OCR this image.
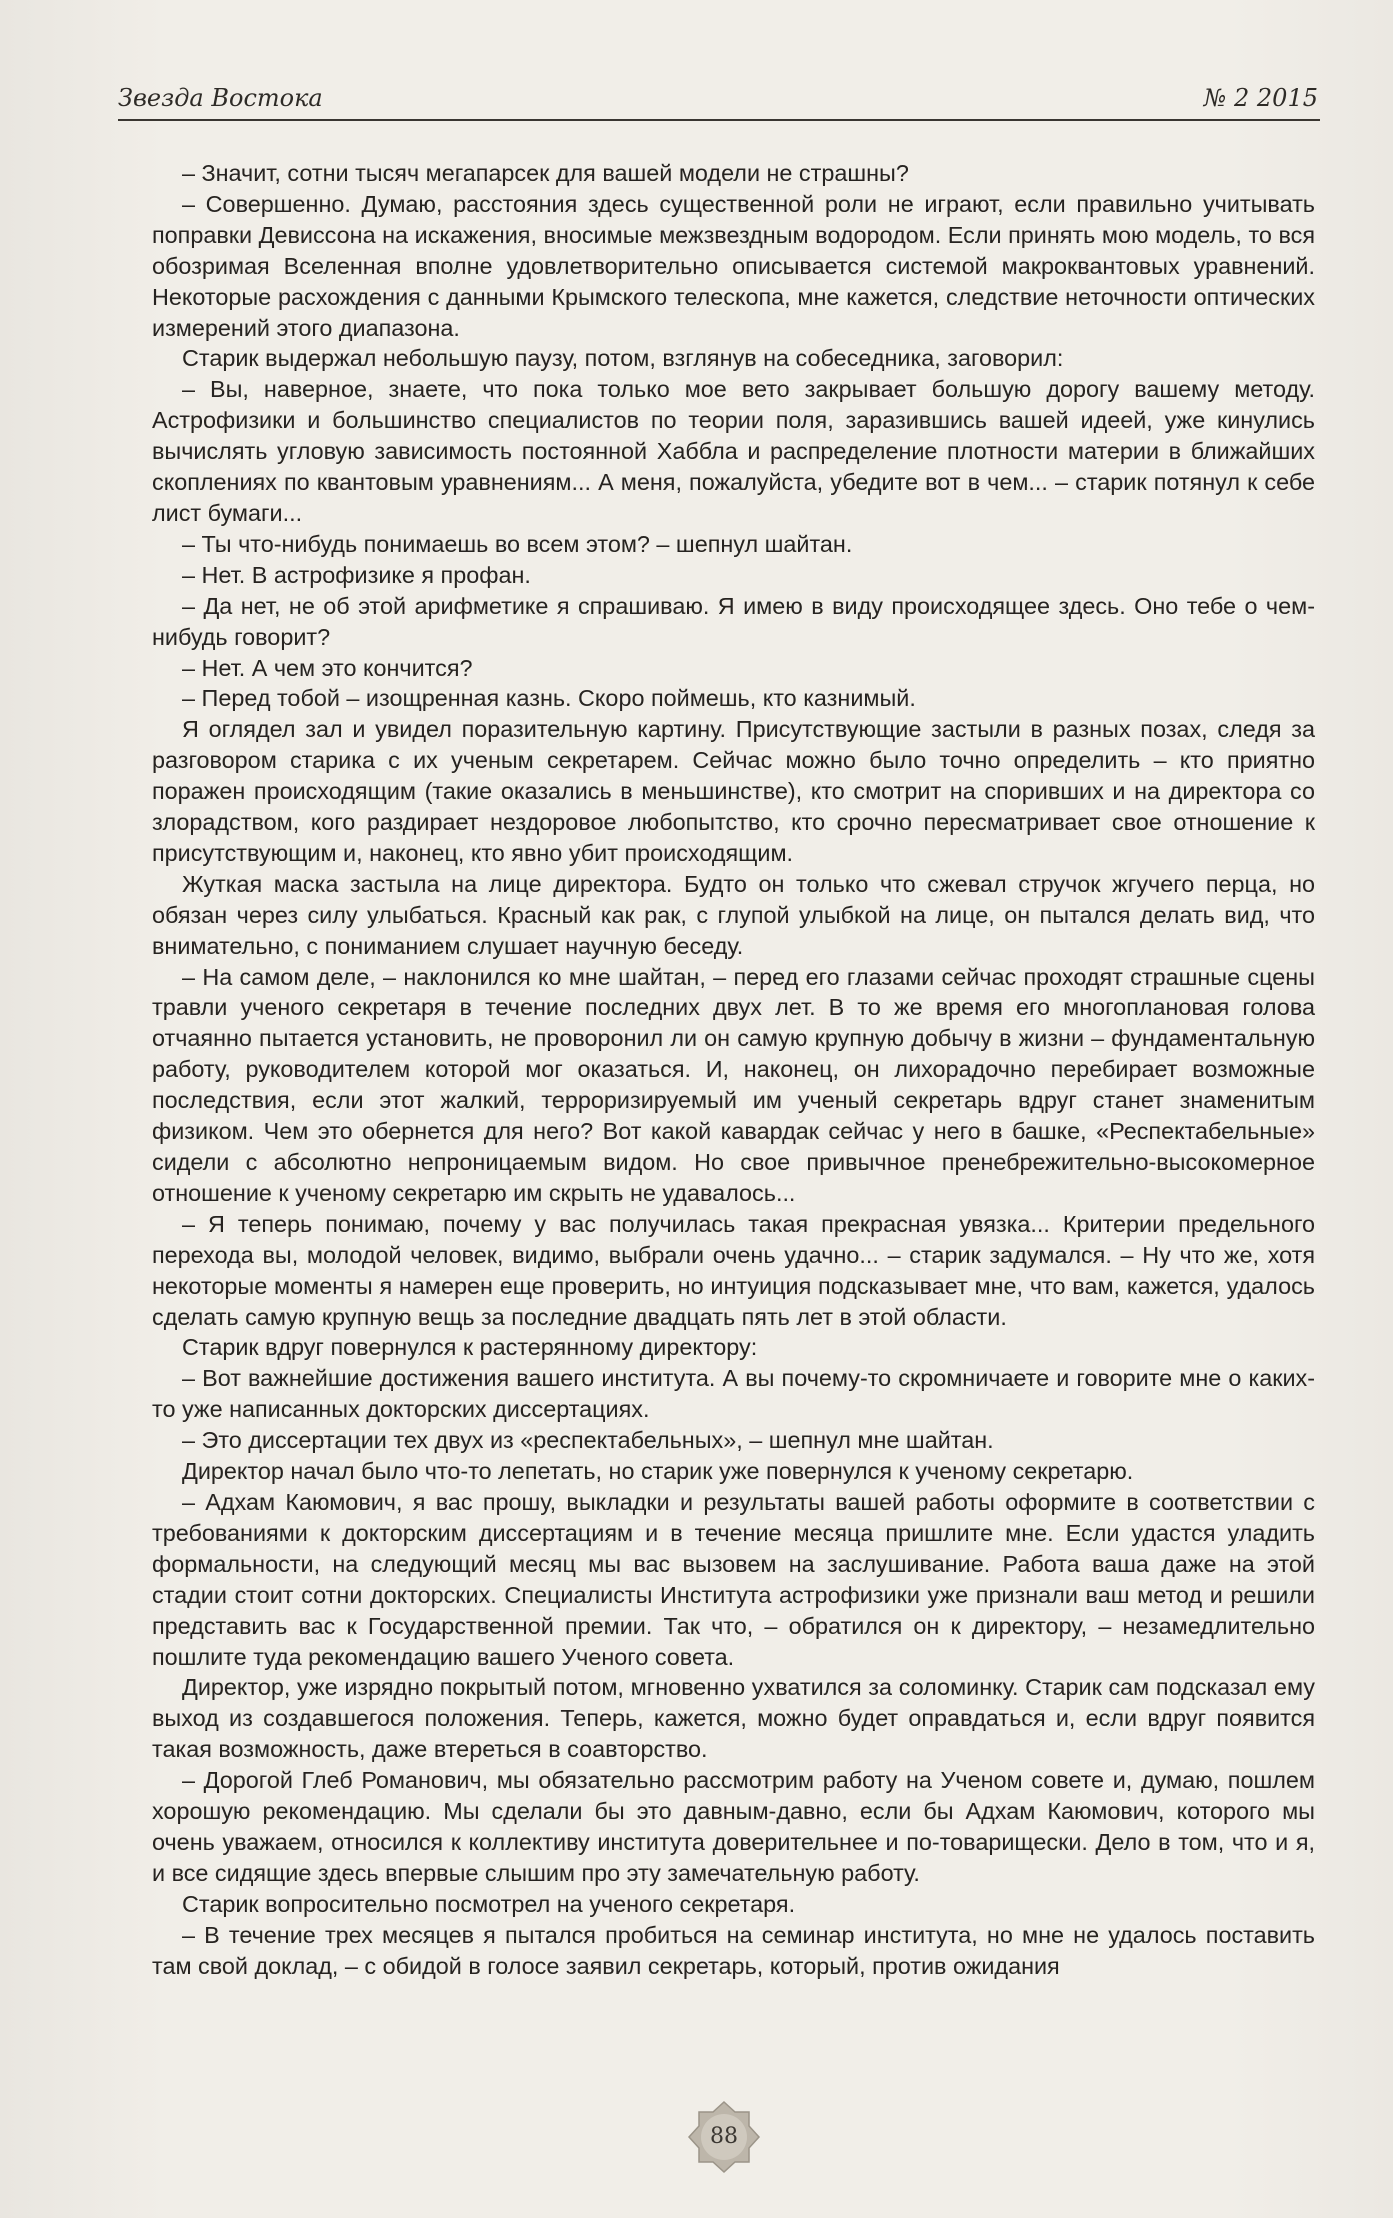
Звезда Востока	№ 2 2015

– Значит, сотни тысяч мегапарсек для вашей модели не страшны?

– Совершенно. Думаю, расстояния здесь существенной роли не играют, если правильно учитывать поправки Девиссона на искажения, вносимые межзвездным водородом. Если принять мою модель, то вся обозримая Вселенная вполне удовлетворительно описывается системой макроквантовых уравнений. Некоторые расхождения с данными Крымского телескопа, мне кажется, следствие неточности оптических измерений этого диапазона.

Старик выдержал небольшую паузу, потом, взглянув на собеседника, заговорил:

– Вы, наверное, знаете, что пока только мое вето закрывает большую дорогу вашему методу. Астрофизики и большинство специалистов по теории поля, заразившись вашей идеей, уже кинулись вычислять угловую зависимость постоянной Хаббла и распределение плотности материи в ближайших скоплениях по квантовым уравнениям... А меня, пожалуйста, убедите вот в чем... – старик потянул к себе лист бумаги...

– Ты что-нибудь понимаешь во всем этом? – шепнул шайтан.

– Нет. В астрофизике я профан.

– Да нет, не об этой арифметике я спрашиваю. Я имею в виду происходящее здесь. Оно тебе о чем-нибудь говорит?

– Нет. А чем это кончится?

– Перед тобой – изощренная казнь. Скоро поймешь, кто казнимый.

Я оглядел зал и увидел поразительную картину. Присутствующие застыли в разных позах, следя за разговором старика с их ученым секретарем. Сейчас можно было точно определить – кто приятно поражен происходящим (такие оказались в меньшинстве), кто смотрит на споривших и на директора со злорадством, кого раздирает нездоровое любопытство, кто срочно пересматривает свое отношение к присутствующим и, наконец, кто явно убит происходящим.

Жуткая маска застыла на лице директора. Будто он только что сжевал стручок жгучего перца, но обязан через силу улыбаться. Красный как рак, с глупой улыбкой на лице, он пытался делать вид, что внимательно, с пониманием слушает научную беседу.

– На самом деле, – наклонился ко мне шайтан, – перед его глазами сейчас проходят страшные сцены травли ученого секретаря в течение последних двух лет. В то же время его многоплановая голова отчаянно пытается установить, не проворонил ли он самую крупную добычу в жизни – фундаментальную работу, руководителем которой мог оказаться. И, наконец, он лихорадочно перебирает возможные последствия, если этот жалкий, терроризируемый им ученый секретарь вдруг станет знаменитым физиком. Чем это обернется для него? Вот какой кавардак сейчас у него в башке, «Респектабельные» сидели с абсолютно непроницаемым видом. Но свое привычное пренебрежительно-высокомерное отношение к ученому секретарю им скрыть не удавалось...

– Я теперь понимаю, почему у вас получилась такая прекрасная увязка... Критерии предельного перехода вы, молодой человек, видимо, выбрали очень удачно... – старик задумался. – Ну что же, хотя некоторые моменты я намерен еще проверить, но интуиция подсказывает мне, что вам, кажется, удалось сделать самую крупную вещь за последние двадцать пять лет в этой области.

Старик вдруг повернулся к растерянному директору:

– Вот важнейшие достижения вашего института. А вы почему-то скромничаете и говорите мне о каких-то уже написанных докторских диссертациях.

– Это диссертации тех двух из «респектабельных», – шепнул мне шайтан.

Директор начал было что-то лепетать, но старик уже повернулся к ученому секретарю.

– Адхам Каюмович, я вас прошу, выкладки и результаты вашей работы оформите в соответствии с требованиями к докторским диссертациям и в течение месяца пришлите мне. Если удастся уладить формальности, на следующий месяц мы вас вызовем на заслушивание. Работа ваша даже на этой стадии стоит сотни докторских. Специалисты Института астрофизики уже признали ваш метод и решили представить вас к Государственной премии. Так что, – обратился он к директору, – незамедлительно пошлите туда рекомендацию вашего Ученого совета.

Директор, уже изрядно покрытый потом, мгновенно ухватился за соломинку. Старик сам подсказал ему выход из создавшегося положения. Теперь, кажется, можно будет оправдаться и, если вдруг появится такая возможность, даже втереться в соавторство.

– Дорогой Глеб Романович, мы обязательно рассмотрим работу на Ученом совете и, думаю, пошлем хорошую рекомендацию. Мы сделали бы это давным-давно, если бы Адхам Каюмович, которого мы очень уважаем, относился к коллективу института доверительнее и по-товарищески. Дело в том, что и я, и все сидящие здесь впервые слышим про эту замечательную работу.

Старик вопросительно посмотрел на ученого секретаря.

– В течение трех месяцев я пытался пробиться на семинар института, но мне не удалось поставить там свой доклад, – с обидой в голосе заявил секретарь, который, против ожидания

88
